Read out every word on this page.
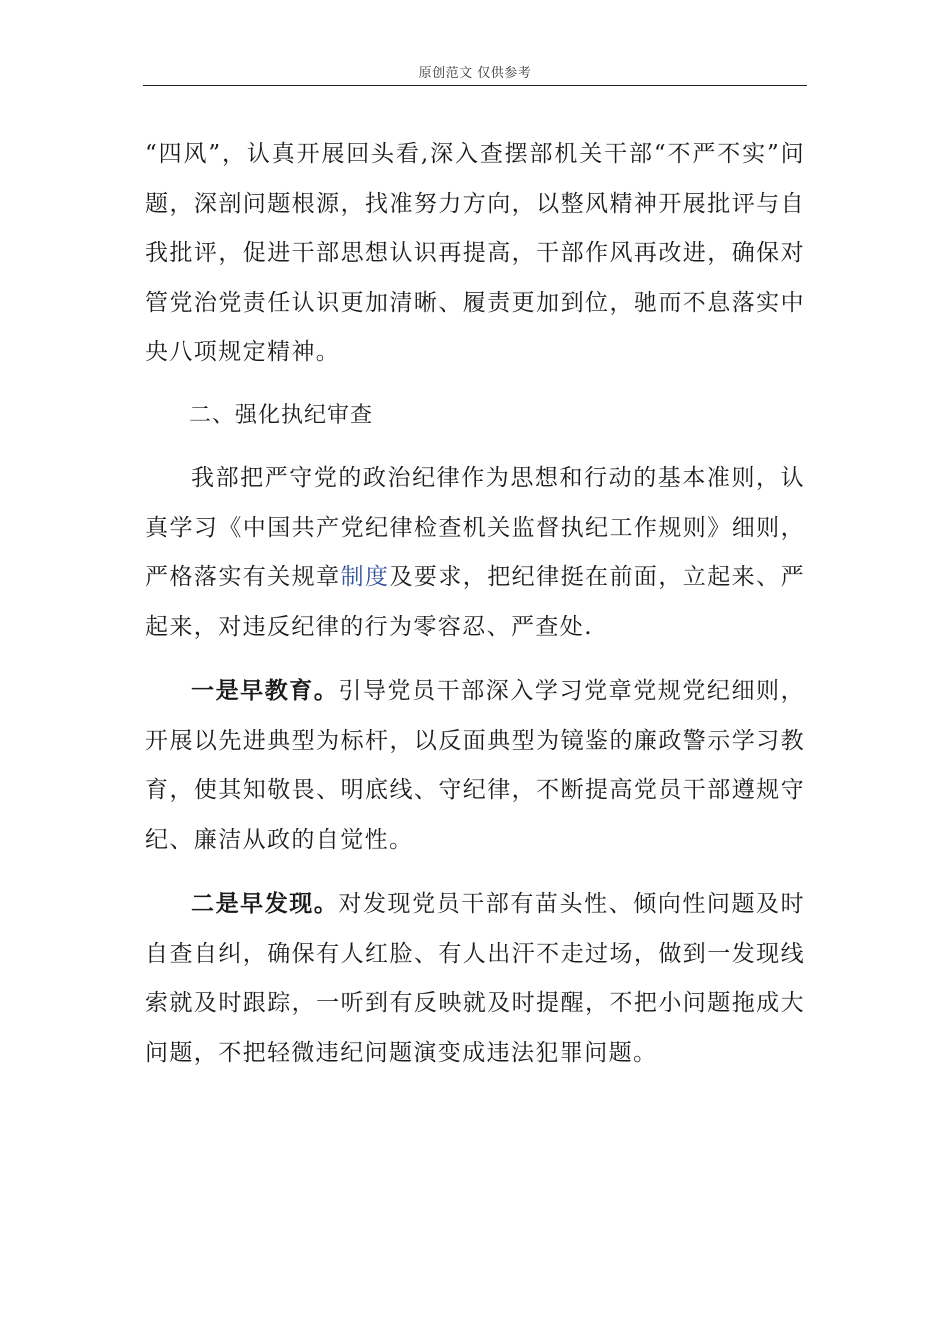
原创范文 仅供参考

“四风”，认真开展回头看,深入查摆部机关干部“不严不实”问题，深剖问题根源，找准努力方向，以整风精神开展批评与自我批评，促进干部思想认识再提高，干部作风再改进，确保对管党治党责任认识更加清晰、履责更加到位，驰而不息落实中央八项规定精神。

二、强化执纪审查

我部把严守党的政治纪律作为思想和行动的基本准则，认真学习《中国共产党纪律检查机关监督执纪工作规则》细则，严格落实有关规章制度及要求，把纪律挺在前面，立起来、严起来，对违反纪律的行为零容忍、严查处.

一是早教育。引导党员干部深入学习党章党规党纪细则，开展以先进典型为标杆，以反面典型为镜鉴的廉政警示学习教育，使其知敬畏、明底线、守纪律，不断提高党员干部遵规守纪、廉洁从政的自觉性。

二是早发现。对发现党员干部有苗头性、倾向性问题及时自查自纠，确保有人红脸、有人出汗不走过场，做到一发现线索就及时跟踪，一听到有反映就及时提醒，不把小问题拖成大问题，不把轻微违纪问题演变成违法犯罪问题。
